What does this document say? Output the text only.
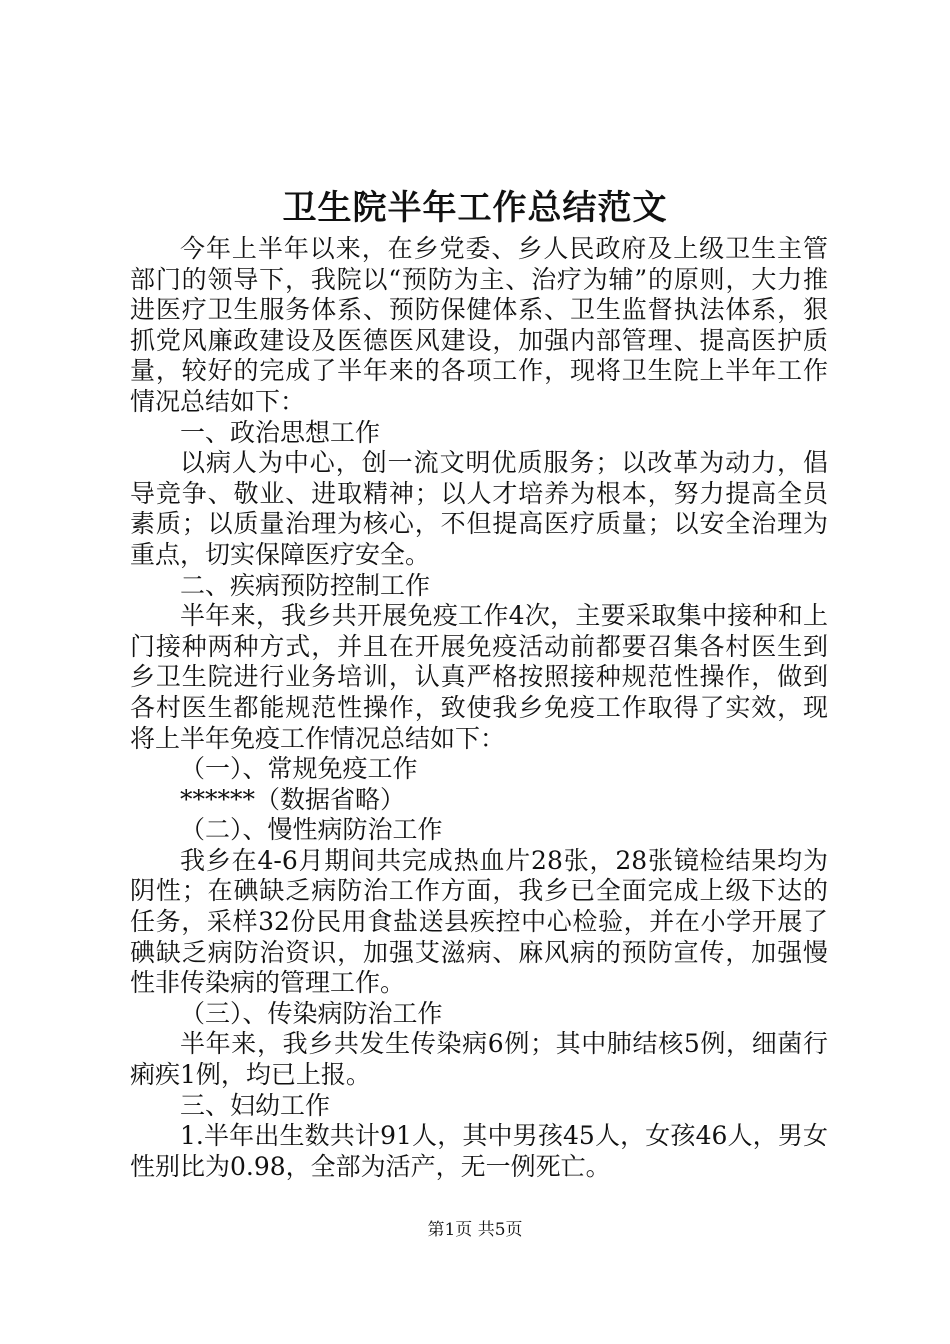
卫生院半年工作总结范文

今年上半年以来，在乡党委、乡人民政府及上级卫生主管部门的领导下，我院以“预防为主、治疗为辅”的原则，大力推进医疗卫生服务体系、预防保健体系、卫生监督执法体系，狠抓党风廉政建设及医德医风建设，加强内部管理、提高医护质量，较好的完成了半年来的各项工作，现将卫生院上半年工作情况总结如下：

一、政治思想工作

以病人为中心，创一流文明优质服务；以改革为动力，倡导竞争、敬业、进取精神；以人才培养为根本，努力提高全员素质；以质量治理为核心，不但提高医疗质量；以安全治理为重点，切实保障医疗安全。

二、疾病预防控制工作

半年来，我乡共开展免疫工作4次，主要采取集中接种和上门接种两种方式，并且在开展免疫活动前都要召集各村医生到乡卫生院进行业务培训，认真严格按照接种规范性操作，做到各村医生都能规范性操作，致使我乡免疫工作取得了实效，现将上半年免疫工作情况总结如下：

（一）、常规免疫工作

******（数据省略）

（二）、慢性病防治工作

我乡在4-6月期间共完成热血片28张，28张镜检结果均为阴性；在碘缺乏病防治工作方面，我乡已全面完成上级下达的任务，采样32份民用食盐送县疾控中心检验，并在小学开展了碘缺乏病防治资识，加强艾滋病、麻风病的预防宣传，加强慢性非传染病的管理工作。

（三）、传染病防治工作

半年来，我乡共发生传染病6例；其中肺结核5例，细菌行痢疾1例，均已上报。

三、妇幼工作

1.半年出生数共计91人，其中男孩45人，女孩46人，男女性别比为0.98，全部为活产，无一例死亡。

第1页 共5页
